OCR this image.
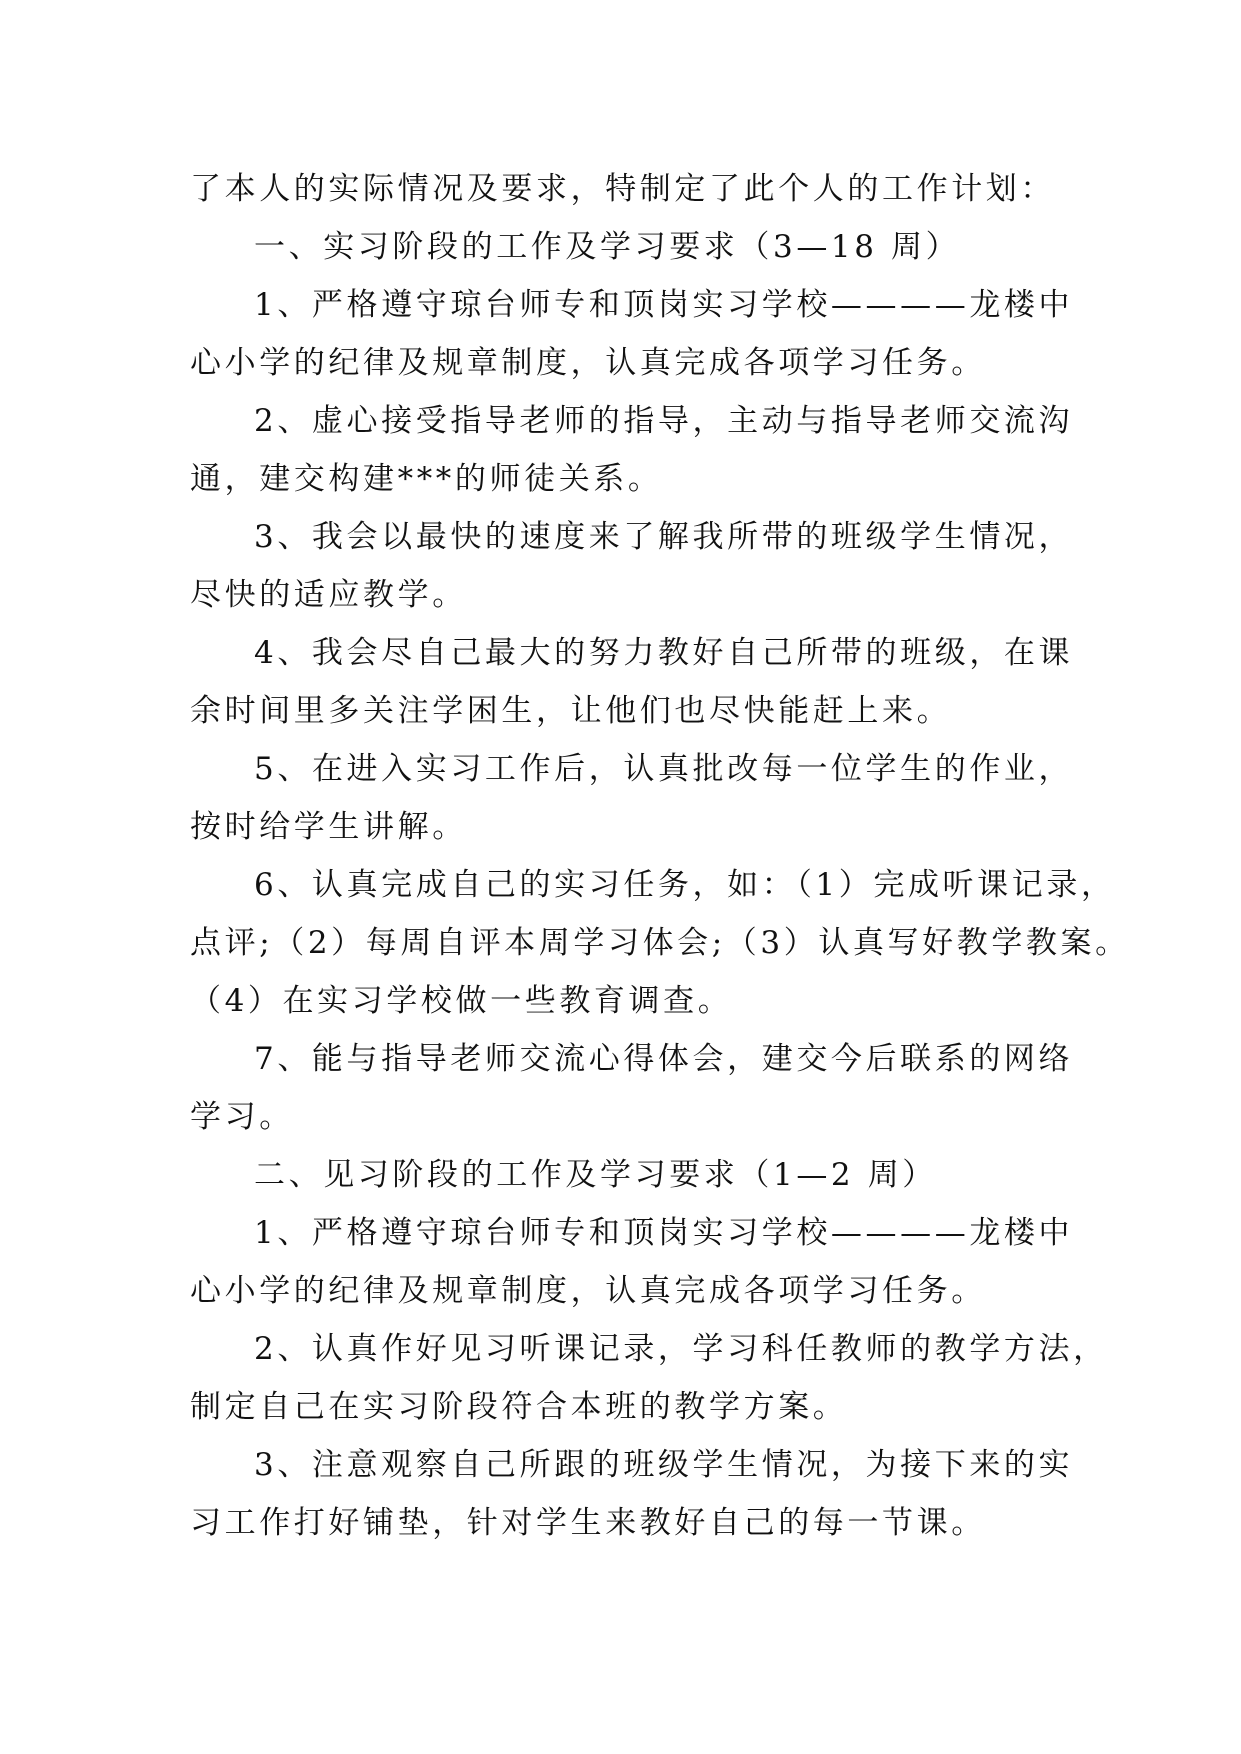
了本人的实际情况及要求，特制定了此个人的工作计划：

一、实习阶段的工作及学习要求（3—18 周）

1、严格遵守琼台师专和顶岗实习学校————龙楼中
心小学的纪律及规章制度，认真完成各项学习任务。

2、虚心接受指导老师的指导，主动与指导老师交流沟
通，建交构建***的师徒关系。

3、我会以最快的速度来了解我所带的班级学生情况，
尽快的适应教学。

4、我会尽自己最大的努力教好自己所带的班级，在课
余时间里多关注学困生，让他们也尽快能赶上来。

5、在进入实习工作后，认真批改每一位学生的作业，
按时给学生讲解。

6、认真完成自己的实习任务，如：（1）完成听课记录，
点评;（2）每周自评本周学习体会;（3）认真写好教学教案。
（4）在实习学校做一些教育调查。

7、能与指导老师交流心得体会，建交今后联系的网络
学习。

二、见习阶段的工作及学习要求（1—2 周）

1、严格遵守琼台师专和顶岗实习学校————龙楼中
心小学的纪律及规章制度，认真完成各项学习任务。

2、认真作好见习听课记录，学习科任教师的教学方法，
制定自己在实习阶段符合本班的教学方案。

3、注意观察自己所跟的班级学生情况，为接下来的实
习工作打好铺垫，针对学生来教好自己的每一节课。
